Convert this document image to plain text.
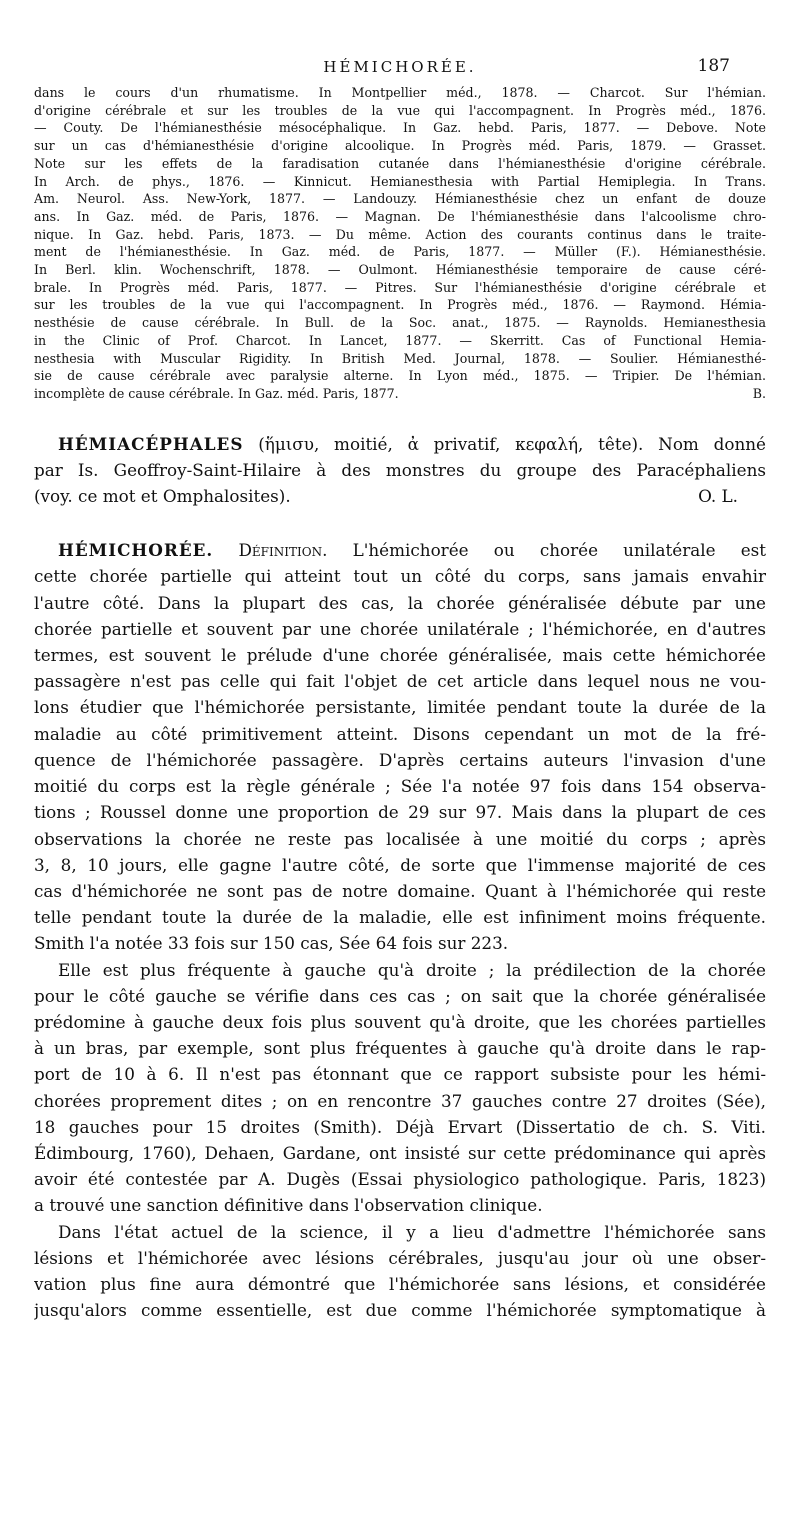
HÉMICHORÉE.	187
dans le cours d'un rhumatisme. In Montpellier méd., 1878. — Charcot. Sur l'hémian.
d'origine cérébrale et sur les troubles de la vue qui l'accompagnent. In Progrès méd., 1876.
— Couty. De l'hémianesthésie mésocéphalique. In Gaz. hebd. Paris, 1877. — Debove. Note
sur un cas d'hémianesthésie d'origine alcoolique. In Progrès méd. Paris, 1879. — Grasset.
Note sur les effets de la faradisation cutanée dans l'hémianesthésie d'origine cérébrale.
In Arch. de phys., 1876. — Kinnicut. Hemianesthesia with Partial Hemiplegia. In Trans.
Am. Neurol. Ass. New-York, 1877. — Landouzy. Hémianesthésie chez un enfant de douze
ans. In Gaz. méd. de Paris, 1876. — Magnan. De l'hémianesthésie dans l'alcoolisme chro-
nique. In Gaz. hebd. Paris, 1873. — Du même. Action des courants continus dans le traite-
ment de l'hémianesthésie. In Gaz. méd. de Paris, 1877. — Müller (F.). Hémianesthésie.
In Berl. klin. Wochenschrift, 1878. — Oulmont. Hémianesthésie temporaire de cause céré-
brale. In Progrès méd. Paris, 1877. — Pitres. Sur l'hémianesthésie d'origine cérébrale et
sur les troubles de la vue qui l'accompagnent. In Progrès méd., 1876. — Raymond. Hémia-
nesthésie de cause cérébrale. In Bull. de la Soc. anat., 1875. — Raynolds. Hemianesthesia
in the Clinic of Prof. Charcot. In Lancet, 1877. — Skerritt. Cas of Functional Hemia-
nesthesia with Muscular Rigidity. In British Med. Journal, 1878. — Soulier. Hémianesthé-
sie de cause cérébrale avec paralysie alterne. In Lyon méd., 1875. — Tripier. De l'hémian.
incomplète de cause cérébrale. In Gaz. méd. Paris, 1877.	B.
HÉMIACÉPHALES (ἥμισυ, moitié, ἀ privatif, κεφαλή, tête). Nom donné
par Is. Geoffroy-Saint-Hilaire à des monstres du groupe des Paracéphaliens
(voy. ce mot et Omphalosites).	O. L.
HÉMICHORÉE. Définition. L'hémichorée ou chorée unilatérale est
cette chorée partielle qui atteint tout un côté du corps, sans jamais envahir
l'autre côté. Dans la plupart des cas, la chorée généralisée débute par une
chorée partielle et souvent par une chorée unilatérale ; l'hémichorée, en d'autres
termes, est souvent le prélude d'une chorée généralisée, mais cette hémichorée
passagère n'est pas celle qui fait l'objet de cet article dans lequel nous ne vou-
lons étudier que l'hémichorée persistante, limitée pendant toute la durée de la
maladie au côté primitivement atteint. Disons cependant un mot de la fré-
quence de l'hémichorée passagère. D'après certains auteurs l'invasion d'une
moitié du corps est la règle générale ; Sée l'a notée 97 fois dans 154 observa-
tions ; Roussel donne une proportion de 29 sur 97. Mais dans la plupart de ces
observations la chorée ne reste pas localisée à une moitié du corps ; après
3, 8, 10 jours, elle gagne l'autre côté, de sorte que l'immense majorité de ces
cas d'hémichorée ne sont pas de notre domaine. Quant à l'hémichorée qui reste
telle pendant toute la durée de la maladie, elle est infiniment moins fréquente.
Smith l'a notée 33 fois sur 150 cas, Sée 64 fois sur 223.
Elle est plus fréquente à gauche qu'à droite ; la prédilection de la chorée
pour le côté gauche se vérifie dans ces cas ; on sait que la chorée généralisée
prédomine à gauche deux fois plus souvent qu'à droite, que les chorées partielles
à un bras, par exemple, sont plus fréquentes à gauche qu'à droite dans le rap-
port de 10 à 6. Il n'est pas étonnant que ce rapport subsiste pour les hémi-
chorées proprement dites ; on en rencontre 37 gauches contre 27 droites (Sée),
18 gauches pour 15 droites (Smith). Déjà Ervart (Dissertatio de ch. S. Viti.
Édimbourg, 1760), Dehaen, Gardane, ont insisté sur cette prédominance qui après
avoir été contestée par A. Dugès (Essai physiologico pathologique. Paris, 1823)
a trouvé une sanction définitive dans l'observation clinique.
Dans l'état actuel de la science, il y a lieu d'admettre l'hémichorée sans
lésions et l'hémichorée avec lésions cérébrales, jusqu'au jour où une obser-
vation plus fine aura démontré que l'hémichorée sans lésions, et considérée
jusqu'alors comme essentielle, est due comme l'hémichorée symptomatique à
